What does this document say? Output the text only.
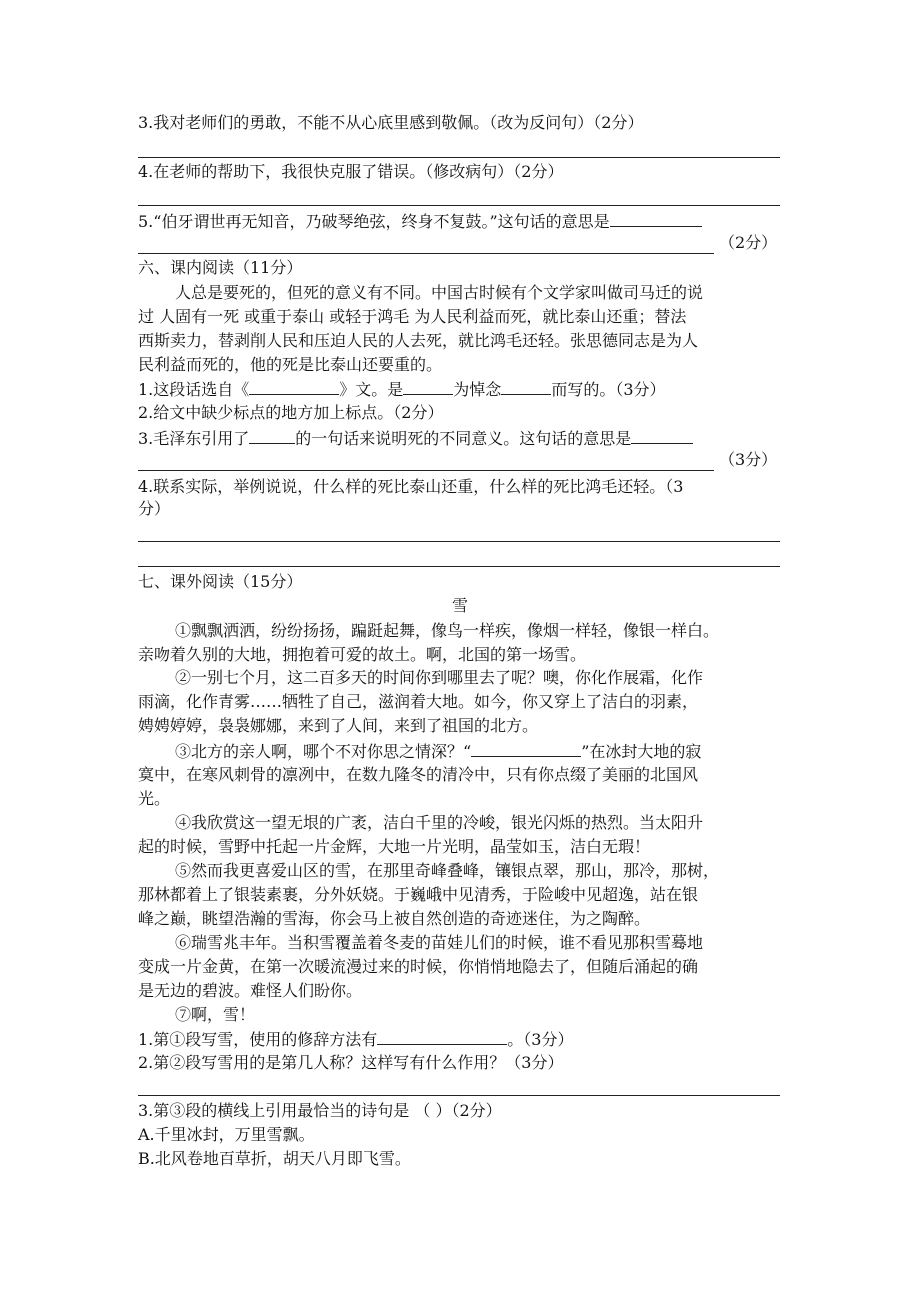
3.我对老师们的勇敢，不能不从心底里感到敬佩。（改为反问句）（2分）
4.在老师的帮助下，我很快克服了错误。（修改病句）（2分）
5.“伯牙谓世再无知音，乃破琴绝弦，终身不复鼓。”这句话的意思是
（2分）
六、课内阅读（11分）
人总是要死的，但死的意义有不同。中国古时候有个文学家叫做司马迁的说
过 人固有一死 或重于泰山 或轻于鸿毛 为人民利益而死，就比泰山还重；替法
西斯卖力，替剥削人民和压迫人民的人去死，就比鸿毛还轻。张思德同志是为人
民利益而死的，他的死是比泰山还要重的。
1.这段话选自《	》文。是	为悼念	而写的。（3分）
2.给文中缺少标点的地方加上标点。（2分）
3.毛泽东引用了	的一句话来说明死的不同意义。这句话的意思是
（3分）
4.联系实际，举例说说，什么样的死比泰山还重，什么样的死比鸿毛还轻。（3
分）
七、课外阅读（15分）
雪
①飘飘洒洒，纷纷扬扬，蹁跹起舞，像鸟一样疾，像烟一样轻，像银一样白。
亲吻着久别的大地，拥抱着可爱的故土。啊，北国的第一场雪。
②一别七个月，这二百多天的时间你到哪里去了呢？噢，你化作展霜，化作
雨滴，化作青雾……牺牲了自己，滋润着大地。如今，你又穿上了洁白的羽素，
娉娉婷婷，袅袅娜娜，来到了人间，来到了祖国的北方。
③北方的亲人啊，哪个不对你思之情深？“	”在冰封大地的寂
寞中，在寒风刺骨的凛冽中，在数九隆冬的清冷中，只有你点缀了美丽的北国风
光。
④我欣赏这一望无垠的广袤，洁白千里的冷峻，银光闪烁的热烈。当太阳升
起的时候，雪野中托起一片金辉，大地一片光明，晶莹如玉，洁白无瑕！
⑤然而我更喜爱山区的雪，在那里奇峰叠峰，镶银点翠，那山，那冷，那树，
那林都着上了银装素裹，分外妖娆。于巍峨中见清秀，于险峻中见超逸，站在银
峰之巅，眺望浩瀚的雪海，你会马上被自然创造的奇迹迷住，为之陶醉。
⑥瑞雪兆丰年。当积雪覆盖着冬麦的苗娃儿们的时候，谁不看见那积雪蓦地
变成一片金黄，在第一次暖流漫过来的时候，你悄悄地隐去了，但随后涌起的确
是无边的碧波。难怪人们盼你。
⑦啊，雪！
1.第①段写雪，使用的修辞方法有	。（3分）
2.第②段写雪用的是第几人称？这样写有什么作用？（3分）
3.第③段的横线上引用最恰当的诗句是 （ ）（2分）
A.千里冰封，万里雪飘。
B.北风卷地百草折，胡天八月即飞雪。
